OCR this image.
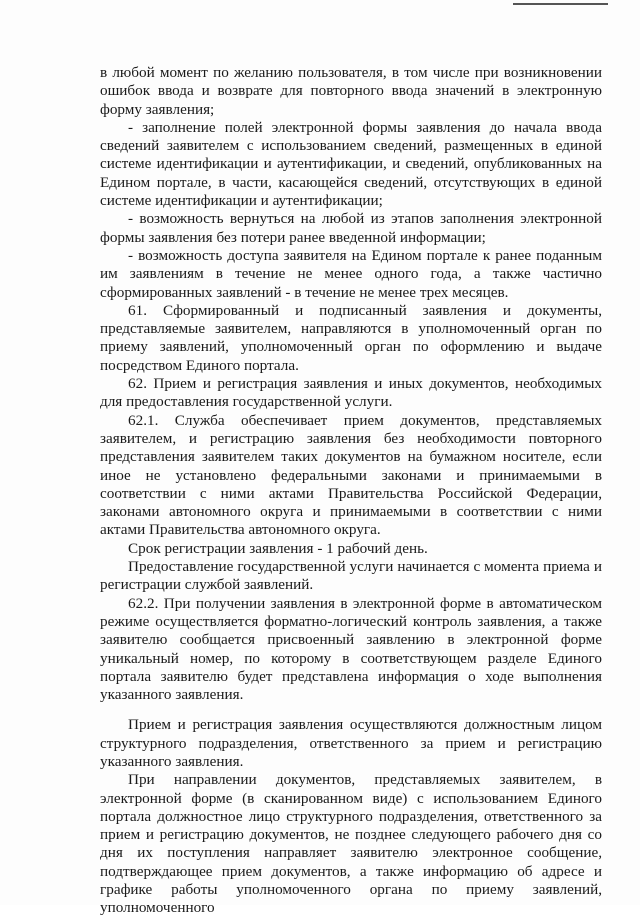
в любой момент по желанию пользователя, в том числе при возникновении ошибок ввода и возврате для повторного ввода значений в электронную форму заявления;

- заполнение полей электронной формы заявления до начала ввода сведений заявителем с использованием сведений, размещенных в единой системе идентификации и аутентификации, и сведений, опубликованных на Едином портале, в части, касающейся сведений, отсутствующих в единой системе идентификации и аутентификации;

- возможность вернуться на любой из этапов заполнения электронной формы заявления без потери ранее введенной информации;

- возможность доступа заявителя на Едином портале к ранее поданным им заявлениям в течение не менее одного года, а также частично сформированных заявлений - в течение не менее трех месяцев.

61. Сформированный и подписанный заявления и документы, представляемые заявителем, направляются в уполномоченный орган по приему заявлений, уполномоченный орган по оформлению и выдаче посредством Единого портала.

62. Прием и регистрация заявления и иных документов, необходимых для предоставления государственной услуги.

62.1. Служба обеспечивает прием документов, представляемых заявителем, и регистрацию заявления без необходимости повторного представления заявителем таких документов на бумажном носителе, если иное не установлено федеральными законами и принимаемыми в соответствии с ними актами Правительства Российской Федерации, законами автономного округа и принимаемыми в соответствии с ними актами Правительства автономного округа.

Срок регистрации заявления - 1 рабочий день.

Предоставление государственной услуги начинается с момента приема и регистрации службой заявлений.

62.2. При получении заявления в электронной форме в автоматическом режиме осуществляется форматно-логический контроль заявления, а также заявителю сообщается присвоенный заявлению в электронной форме уникальный номер, по которому в соответствующем разделе Единого портала заявителю будет представлена информация о ходе выполнения указанного заявления.

Прием и регистрация заявления осуществляются должностным лицом структурного подразделения, ответственного за прием и регистрацию указанного заявления.

При направлении документов, представляемых заявителем, в электронной форме (в сканированном виде) с использованием Единого портала должностное лицо структурного подразделения, ответственного за прием и регистрацию документов, не позднее следующего рабочего дня со дня их поступления направляет заявителю электронное сообщение, подтверждающее прием документов, а также информацию об адресе и графике работы уполномоченного органа по приему заявлений, уполномоченного
